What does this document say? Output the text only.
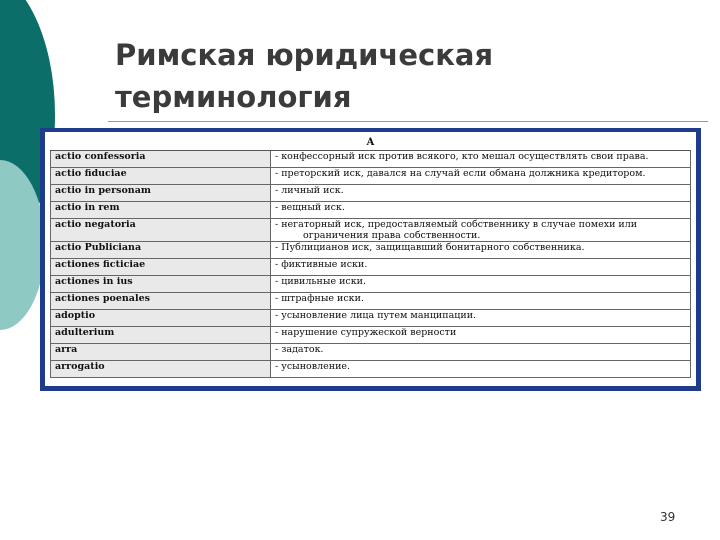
Римская юридическая
терминология
А	
actio confessoria	- конфессорный иск против всякого, кто мешал осуществлять свои права.
actio fiduciae	- преторский иск, давался на случай если обмана должника кредитором.
actio in personam	- личный иск.
actio in rem	- вещный иск.
actio negatoria	- негаторный иск, предоставляемый собственнику в случае помехи или
ограничения права собственности.

actio Publiciana	- Публицианов иск, защищавший бонитарного собственника.
actiones ficticiae	- фиктивные иски.
actiones in ius	- цивильные иски.
actiones poenales	- штрафные иски.
adoptio	- усыновление лица путем манципации.
adulterium	- нарушение супружеской верности
arra	- задаток.
arrogatio	- усыновление.
39
